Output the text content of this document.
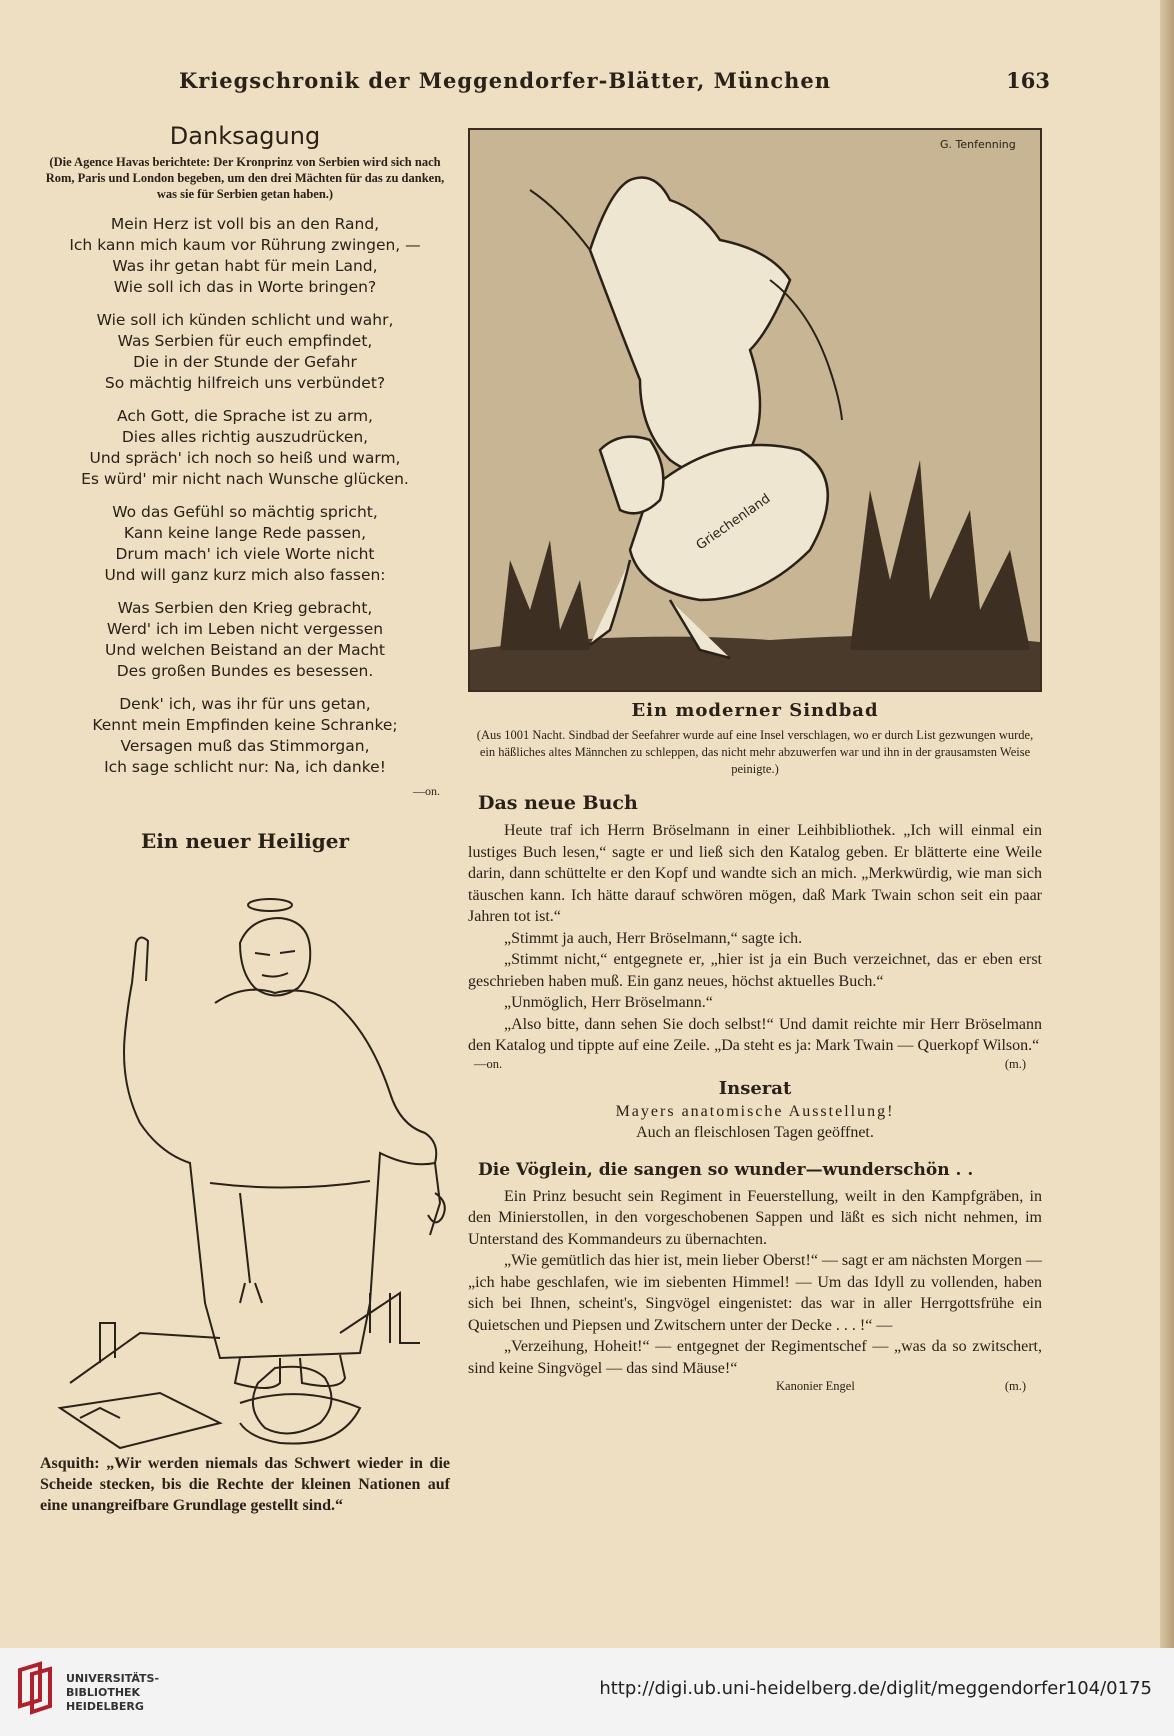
Kriegschronik der Meggendorfer-Blätter, München	163
Danksagung
(Die Agence Havas berichtete: Der Kronprinz von Serbien wird sich nach Rom, Paris und London begeben, um den drei Mächten für das zu danken, was sie für Serbien getan haben.)
Mein Herz ist voll bis an den Rand,
Ich kann mich kaum vor Rührung zwingen, —
Was ihr getan habt für mein Land,
Wie soll ich das in Worte bringen?
Wie soll ich künden schlicht und wahr,
Was Serbien für euch empfindet,
Die in der Stunde der Gefahr
So mächtig hilfreich uns verbündet?
Ach Gott, die Sprache ist zu arm,
Dies alles richtig auszudrücken,
Und spräch' ich noch so heiß und warm,
Es würd' mir nicht nach Wunsche glücken.
Wo das Gefühl so mächtig spricht,
Kann keine lange Rede passen,
Drum mach' ich viele Worte nicht
Und will ganz kurz mich also fassen:
Was Serbien den Krieg gebracht,
Werd' ich im Leben nicht vergessen
Und welchen Beistand an der Macht
Des großen Bundes es besessen.
Denk' ich, was ihr für uns getan,
Kennt mein Empfinden keine Schranke;
Versagen muß das Stimmorgan,
Ich sage schlicht nur: Na, ich danke!
—on.
Ein neuer Heiliger
Asquith: „Wir werden niemals das Schwert wieder in die Scheide stecken, bis die Rechte der kleinen Nationen auf eine unangreifbare Grundlage gestellt sind.“
G. Tenfenning
Griechenland
Ein moderner Sindbad
(Aus 1001 Nacht. Sindbad der Seefahrer wurde auf eine Insel verschlagen, wo er durch List gezwungen wurde, ein häßliches altes Männchen zu schleppen, das nicht mehr abzuwerfen war und ihn in der grausamsten Weise peinigte.)
Das neue Buch

Heute traf ich Herrn Bröselmann in einer Leihbibliothek. „Ich will einmal ein lustiges Buch lesen,“ sagte er und ließ sich den Katalog geben. Er blätterte eine Weile darin, dann schüttelte er den Kopf und wandte sich an mich. „Merkwürdig, wie man sich täuschen kann. Ich hätte darauf schwören mögen, daß Mark Twain schon seit ein paar Jahren tot ist.“

„Stimmt ja auch, Herr Bröselmann,“ sagte ich.

„Stimmt nicht,“ entgegnete er, „hier ist ja ein Buch verzeichnet, das er eben erst geschrieben haben muß. Ein ganz neues, höchst aktuelles Buch.“

„Unmöglich, Herr Bröselmann.“

„Also bitte, dann sehen Sie doch selbst!“ Und damit reichte mir Herr Bröselmann den Katalog und tippte auf eine Zeile. „Da steht es ja: Mark Twain — Querkopf Wilson.“

—on.	(m.)
Inserat
Mayers anatomische Ausstellung!
Auch an fleischlosen Tagen geöffnet.
Die Vöglein, die sangen so wunder—wunderschön . .

Ein Prinz besucht sein Regiment in Feuerstellung, weilt in den Kampfgräben, in den Minierstollen, in den vorgeschobenen Sappen und läßt es sich nicht nehmen, im Unterstand des Kommandeurs zu übernachten.

„Wie gemütlich das hier ist, mein lieber Oberst!“ — sagt er am nächsten Morgen — „ich habe geschlafen, wie im siebenten Himmel! — Um das Idyll zu vollenden, haben sich bei Ihnen, scheint's, Singvögel eingenistet: das war in aller Herrgottsfrühe ein Quietschen und Piepsen und Zwitschern unter der Decke . . . !“ —

„Verzeihung, Hoheit!“ — entgegnet der Regimentschef — „was da so zwitschert, sind keine Singvögel — das sind Mäuse!“

Kanonier Engel	(m.)
UNIVERSITÄTS-
BIBLIOTHEK
HEIDELBERG
http://digi.ub.uni-heidelberg.de/diglit/meggendorfer104/0175
